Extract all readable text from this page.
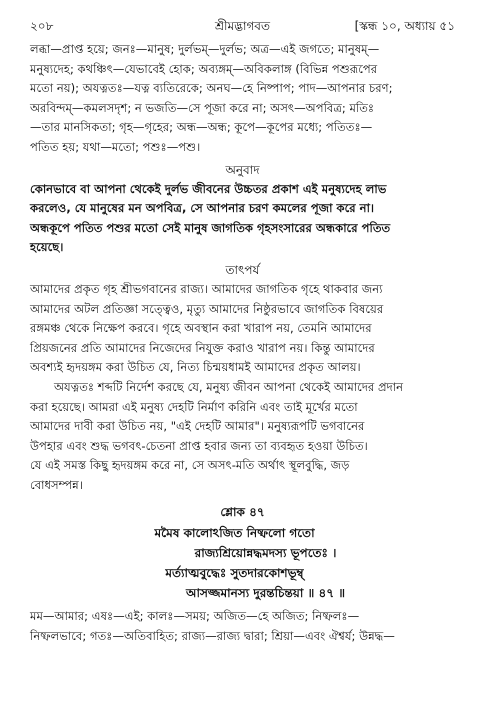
২০৮	শ্রীমদ্ভাগবত	[স্কন্ধ ১০, অধ্যায় ৫১

লব্ধা—প্রাপ্ত হয়ে; জনঃ—মানুষ; দুর্লভম্—দুর্লভ; অত্র—এই জগতে; মানুষম্—

মনুষ্যদেহ; কথঞ্চিৎ—যেভাবেই হোক; অব্যঙ্গম্—অবিকলাঙ্গ (বিভিন্ন পশুরূপের

মতো নয়); অযত্নতঃ—যত্ন ব্যতিরেকে; অনঘ—হে নিষ্পাপ; পাদ—আপনার চরণ;

অরবিন্দম্—কমলসদৃশ; ন ভজতি—সে পূজা করে না; অসৎ—অপবিত্র; মতিঃ

—তার মানসিকতা; গৃহ—গৃহের; অন্ধ—অন্ধ; কূপে—কূপের মধ্যে; পতিতঃ—

পতিত হয়; যথা—মতো; পশুঃ—পশু।

অনুবাদ

কোনভাবে বা আপনা থেকেই দুর্লভ জীবনের উচ্চতর প্রকাশ এই মনুষ্যদেহ লাভ

করলেও, যে মানুষের মন অপবিত্র, সে আপনার চরণ কমলের পূজা করে না।

অন্ধকূপে পতিত পশুর মতো সেই মানুষ জাগতিক গৃহসংসারের অন্ধকারে পতিত

হয়েছে।

তাৎপর্য

আমাদের প্রকৃত গৃহ শ্রীভগবানের রাজ্য। আমাদের জাগতিক গৃহে থাকবার জন্য

আমাদের অটল প্রতিজ্ঞা সত্ত্বেও, মৃত্যু আমাদের নিষ্ঠুরভাবে জাগতিক বিষয়ের

রঙ্গমঞ্চ থেকে নিক্ষেপ করবে। গৃহে অবস্থান করা খারাপ নয়, তেমনি আমাদের

প্রিয়জনের প্রতি আমাদের নিজেদের নিযুক্ত করাও খারাপ নয়। কিন্তু আমাদের

অবশ্যই হৃদয়ঙ্গম করা উচিত যে, নিত্য চিন্ময়ধামই আমাদের প্রকৃত আলয়।

অযত্নতঃ শব্দটি নির্দেশ করছে যে, মনুষ্য জীবন আপনা থেকেই আমাদের প্রদান

করা হয়েছে। আমরা এই মনুষ্য দেহটি নির্মাণ করিনি এবং তাই মূর্খের মতো

আমাদের দাবী করা উচিত নয়, "এই দেহটি আমার"। মনুষ্যরূপটি ভগবানের

উপহার এবং শুদ্ধ ভগবৎ-চেতনা প্রাপ্ত হবার জন্য তা ব্যবহৃত হওয়া উচিত।

যে এই সমস্ত কিছু হৃদয়ঙ্গম করে না, সে অসৎ-মতি অর্থাৎ স্থূলবুদ্ধি, জড়

বোধসম্পন্ন।

শ্লোক ৪৭
মমৈষ কালোঽজিত নিষ্ফলো গতো
রাজ্যশ্রিয়োন্নদ্ধমদস্য ভূপতেঃ ।
মর্ত্যাত্মবুদ্ধেঃ সুতদারকোশভূম্ব্
আসজ্জমানস্য দুরন্তচিন্তয়া ॥ ৪৭ ॥

মম—আমার; এষঃ—এই; কালঃ—সময়; অজিত—হে অজিত; নিষ্ফলঃ—

নিষ্ফলভাবে; গতঃ—অতিবাহিত; রাজ্য—রাজ্য দ্বারা; শ্রিয়া—এবং ঐশ্বর্য; উন্নদ্ধ—
